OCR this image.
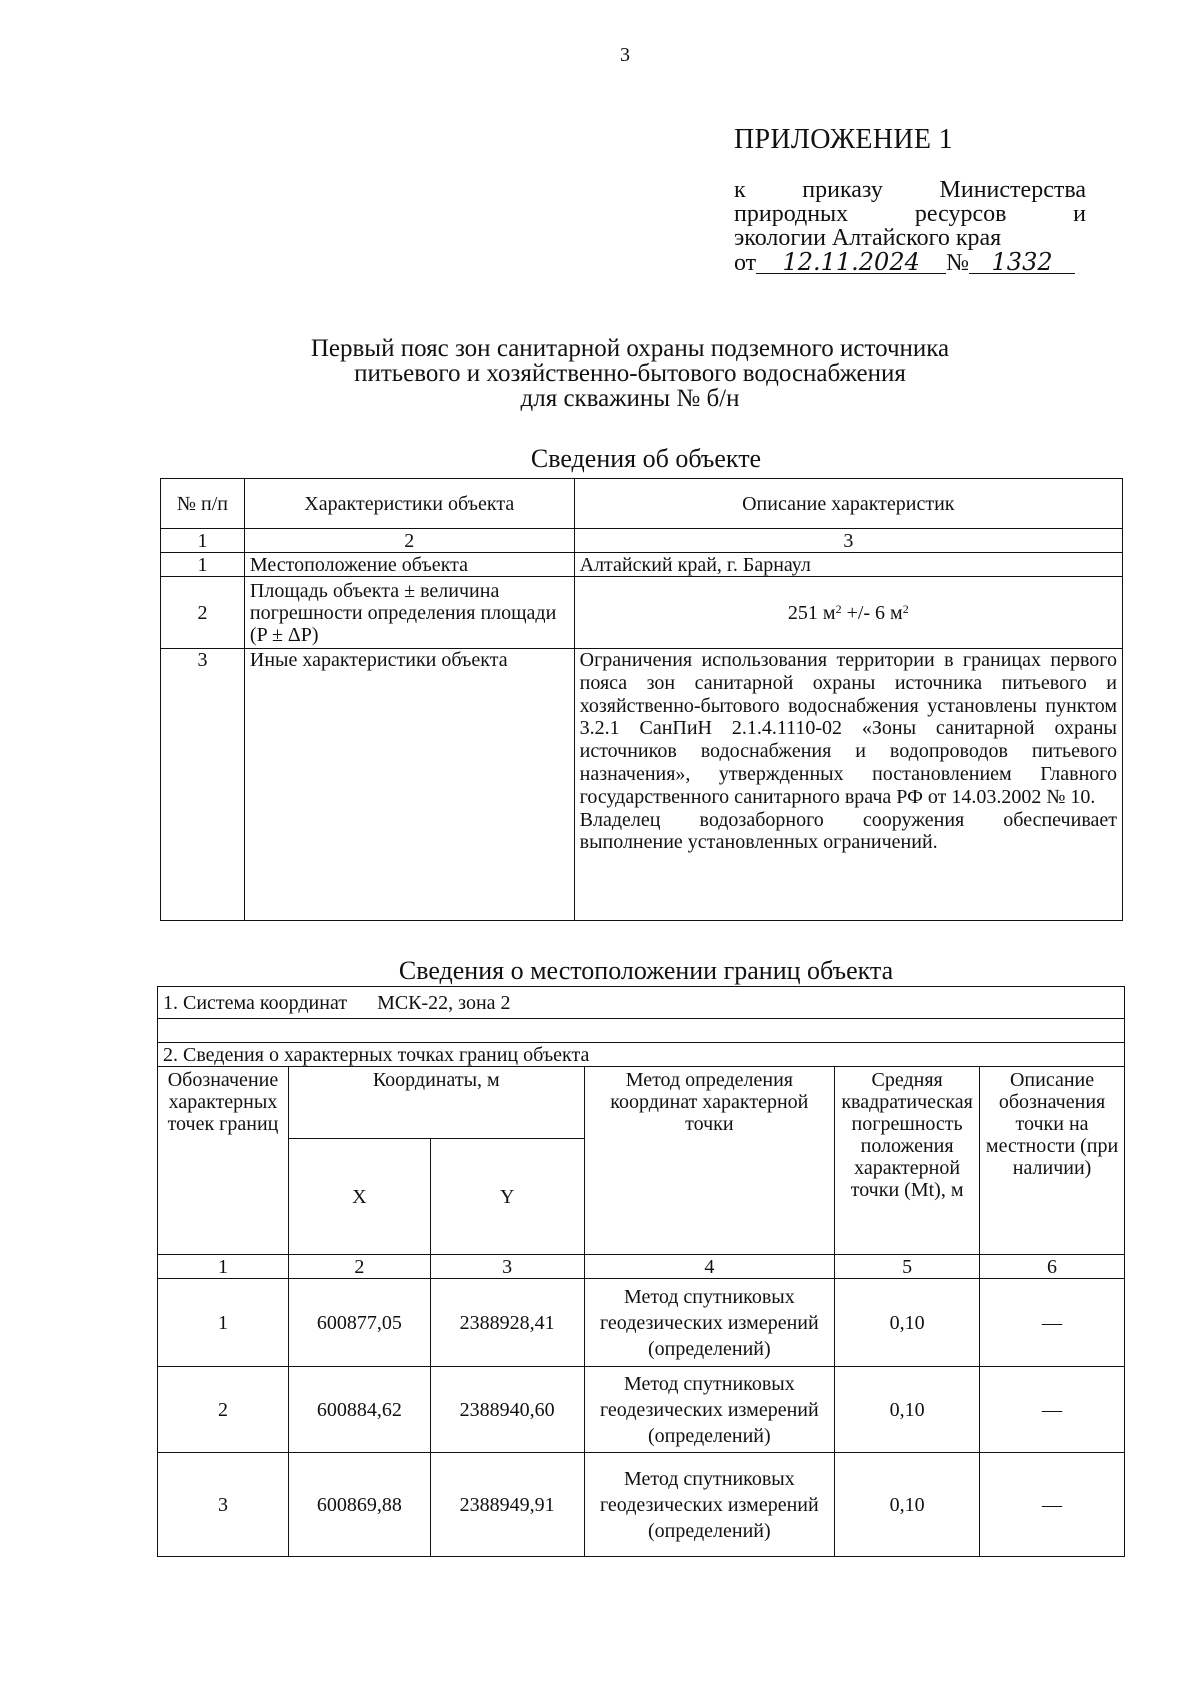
3
ПРИЛОЖЕНИЕ 1
к приказу Министерства
природных ресурсов и
экологии Алтайского края
от 12.11.2024 № 1332
Первый пояс зон санитарной охраны подземного источника
питьевого и хозяйственно-бытового водоснабжения
для скважины № б/н
Сведения об объекте
№ п/п	Характеристики объекта	Описание характеристик
1	2	3
1	Местоположение объекта	Алтайский край, г. Барнаул
2	Площадь объекта ± величина погрешности определения площади (P ± ΔP)	251 $м^2$ +/- 6 $м^2$
3	Иные характеристики объекта	Ограничения использования территории в границах первого пояса зон санитарной охраны источника питьевого и хозяйственно-бытового водоснабжения установлены пунктом 3.2.1 СанПиН 2.1.4.1110-02 «Зоны санитарной охраны источников водоснабжения и водопроводов питьевого назначения», утвержденных постановлением Главного государственного санитарного врача РФ от 14.03.2002 № 10.
Владелец водозаборного сооружения обеспечивает выполнение установленных ограничений.
Сведения о местоположении границ объекта
1. Система координат МСК-22, зона 2					

2. Сведения о характерных точках границ объекта					
Обозначение характерных точек границ	Координаты, м		Метод определения координат характерной точки	Средняя квадратическая погрешность положения характерной точки (Mt), м	Описание обозначения точки на местности (при наличии)
	X	Y			
1	2	3	4	5	6
1	600877,05	2388928,41	Метод спутниковых геодезических измерений (определений)	0,10	—
2	600884,62	2388940,60	Метод спутниковых геодезических измерений (определений)	0,10	—
3	600869,88	2388949,91	Метод спутниковых геодезических измерений (определений)	0,10	—
